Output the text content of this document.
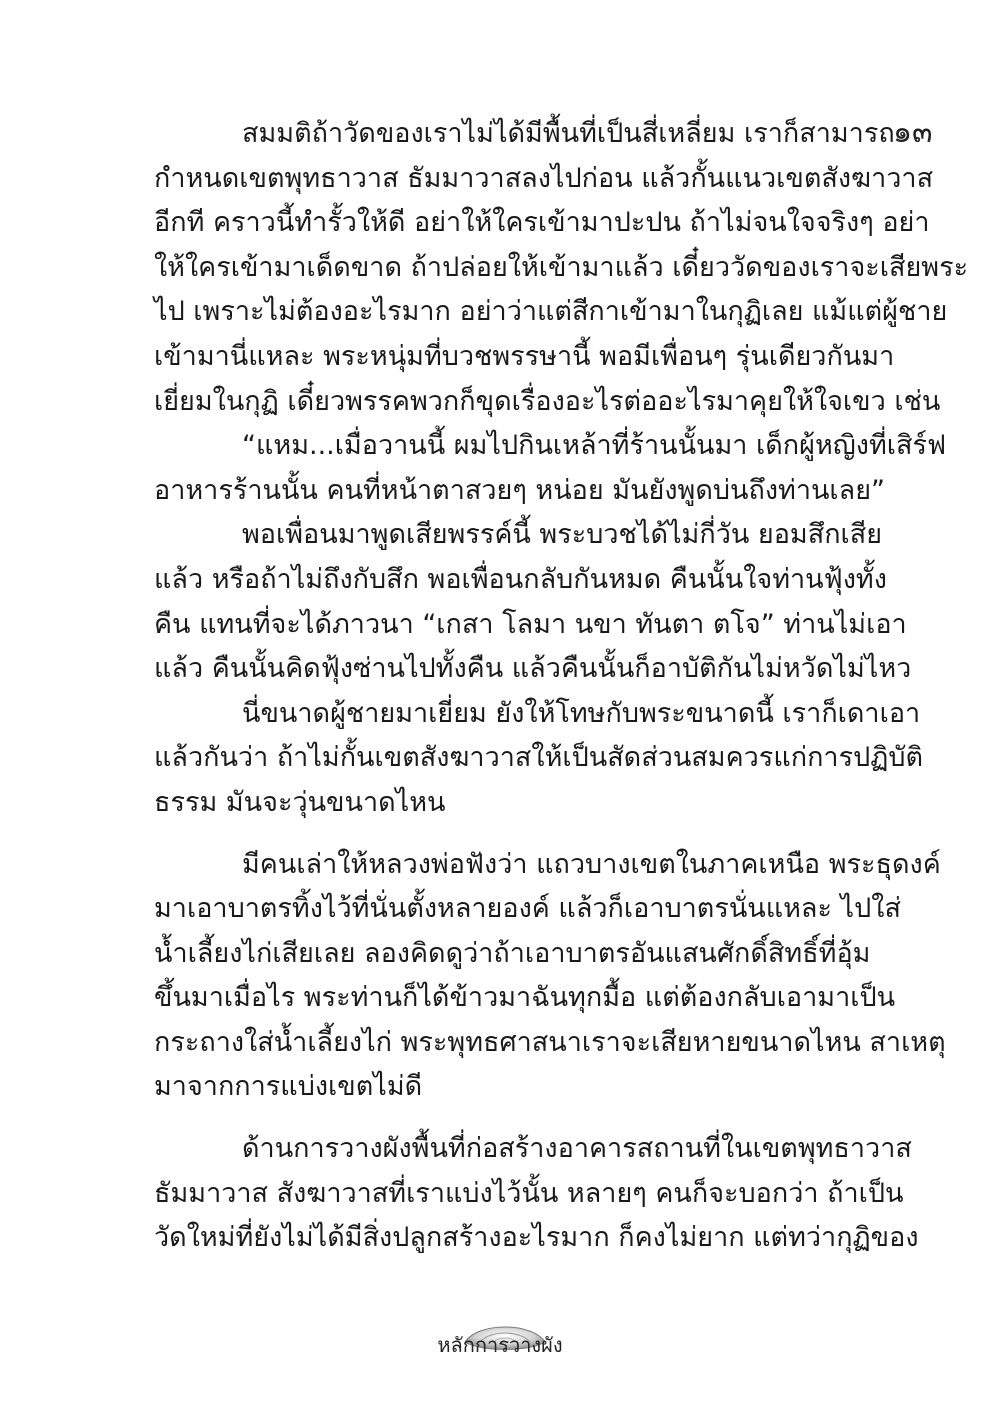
๑๓
สมมติถ้าวัดของเราไม่ได้มีพื้นที่เป็นสี่เหลี่ยม เราก็สามารถ
กำหนดเขตพุทธาวาส ธัมมาวาสลงไปก่อน แล้วกั้นแนวเขตสังฆาวาส
อีกที คราวนี้ทำรั้วให้ดี อย่าให้ใครเข้ามาปะปน ถ้าไม่จนใจจริงๆ อย่า
ให้ใครเข้ามาเด็ดขาด ถ้าปล่อยให้เข้ามาแล้ว เดี๋ยววัดของเราจะเสียพระ
ไป เพราะไม่ต้องอะไรมาก อย่าว่าแต่สีกาเข้ามาในกุฏิเลย แม้แต่ผู้ชาย
เข้ามานี่แหละ พระหนุ่มที่บวชพรรษานี้ พอมีเพื่อนๆ รุ่นเดียวกันมา
เยี่ยมในกุฏิ เดี๋ยวพรรคพวกก็ขุดเรื่องอะไรต่ออะไรมาคุยให้ใจเขว เช่น
“แหม...เมื่อวานนี้ ผมไปกินเหล้าที่ร้านนั้นมา เด็กผู้หญิงที่เสิร์ฟ
อาหารร้านนั้น คนที่หน้าตาสวยๆ หน่อย มันยังพูดบ่นถึงท่านเลย”
พอเพื่อนมาพูดเสียพรรค์นี้ พระบวชได้ไม่กี่วัน ยอมสึกเสีย
แล้ว หรือถ้าไม่ถึงกับสึก พอเพื่อนกลับกันหมด คืนนั้นใจท่านฟุ้งทั้ง
คืน แทนที่จะได้ภาวนา “เกสา โลมา นขา ทันตา ตโจ” ท่านไม่เอา
แล้ว คืนนั้นคิดฟุ้งซ่านไปทั้งคืน แล้วคืนนั้นก็อาบัติกันไม่หวัดไม่ไหว
นี่ขนาดผู้ชายมาเยี่ยม ยังให้โทษกับพระขนาดนี้ เราก็เดาเอา
แล้วกันว่า ถ้าไม่กั้นเขตสังฆาวาสให้เป็นสัดส่วนสมควรแก่การปฏิบัติ
ธรรม มันจะวุ่นขนาดไหน
มีคนเล่าให้หลวงพ่อฟังว่า แถวบางเขตในภาคเหนือ พระธุดงค์
มาเอาบาตรทิ้งไว้ที่นั่นตั้งหลายองค์ แล้วก็เอาบาตรนั่นแหละ ไปใส่
น้ำเลี้ยงไก่เสียเลย ลองคิดดูว่าถ้าเอาบาตรอันแสนศักดิ์สิทธิ์ที่อุ้ม
ขึ้นมาเมื่อไร พระท่านก็ได้ข้าวมาฉันทุกมื้อ แต่ต้องกลับเอามาเป็น
กระถางใส่น้ำเลี้ยงไก่ พระพุทธศาสนาเราจะเสียหายขนาดไหน สาเหตุ
มาจากการแบ่งเขตไม่ดี
ด้านการวางผังพื้นที่ก่อสร้างอาคารสถานที่ในเขตพุทธาวาส
ธัมมาวาส สังฆาวาสที่เราแบ่งไว้นั้น หลายๆ คนก็จะบอกว่า ถ้าเป็น
วัดใหม่ที่ยังไม่ได้มีสิ่งปลูกสร้างอะไรมาก ก็คงไม่ยาก แต่ทว่ากุฏิของ
หลักการวางผัง
